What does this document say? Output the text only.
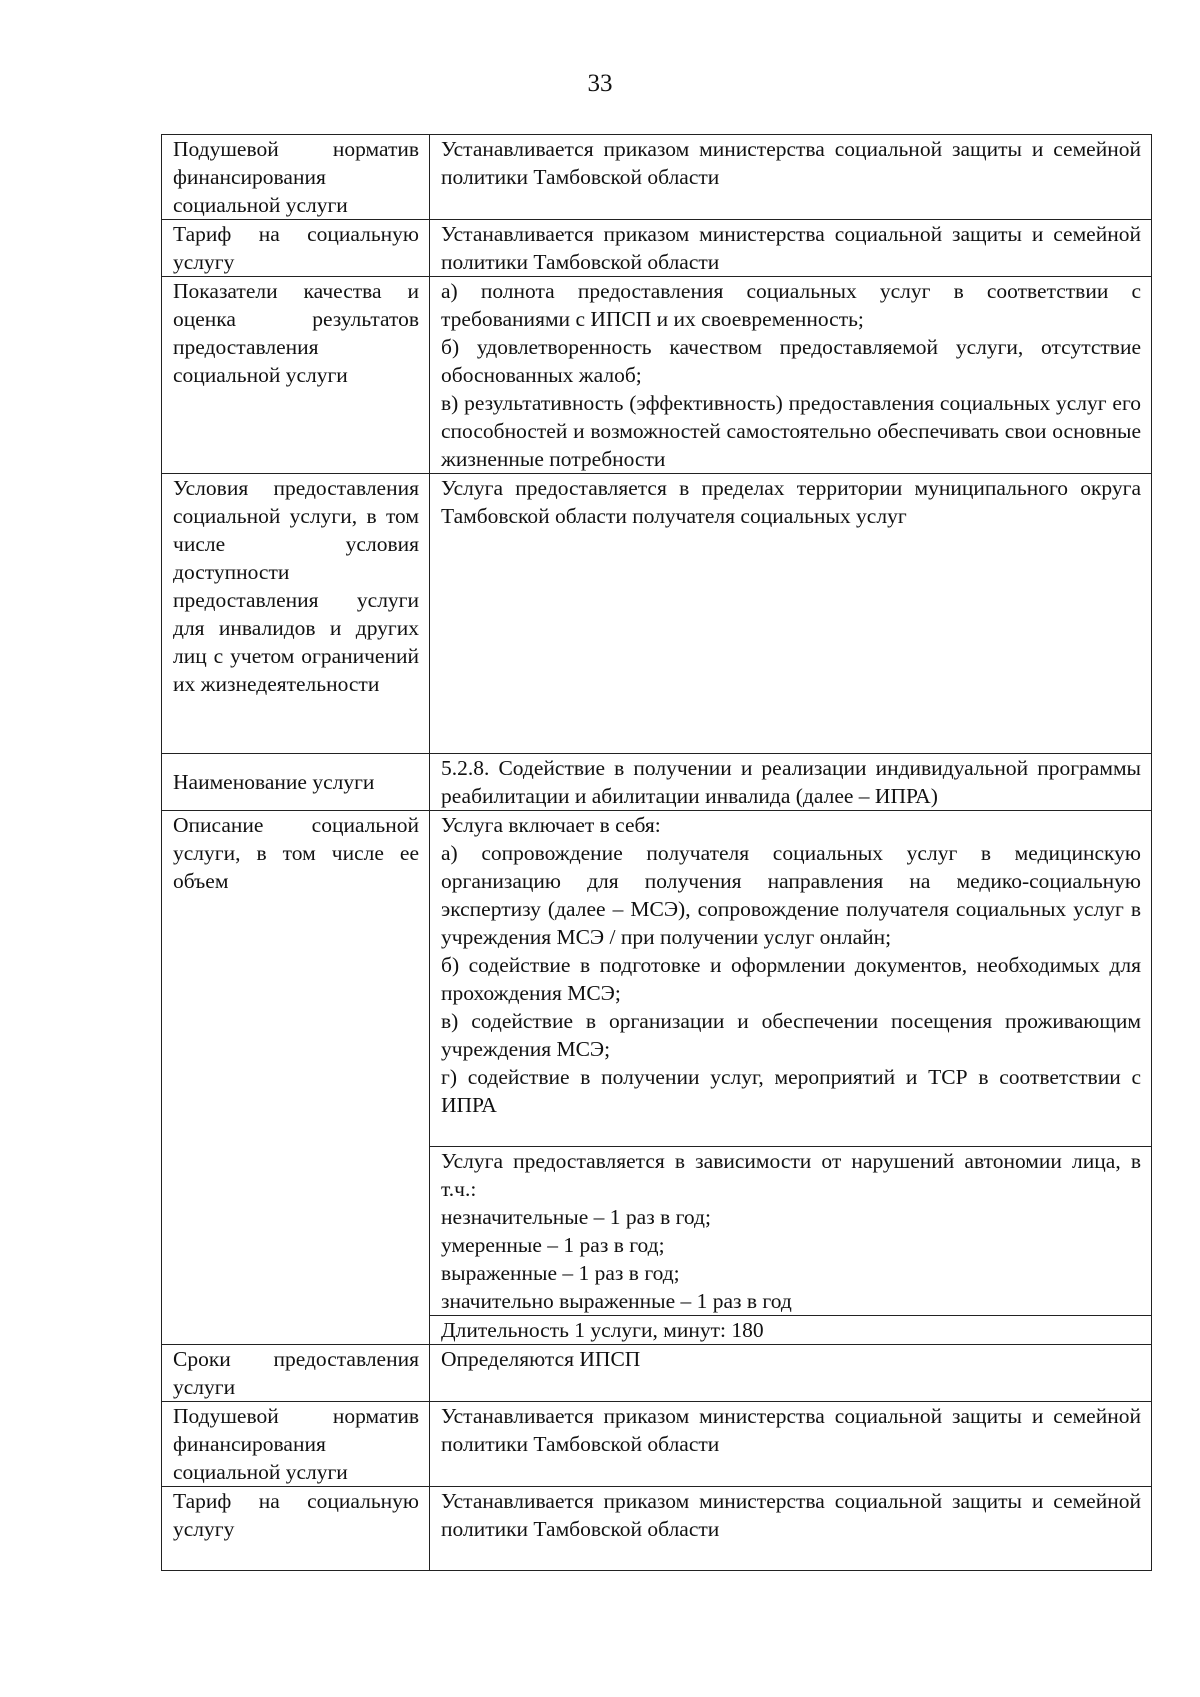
33
Подушевой норматив финансирования социальной услуги	Устанавливается приказом министерства социальной защиты и семейной политики Тамбовской области
Тариф на социальную услугу	Устанавливается приказом министерства социальной защиты и семейной политики Тамбовской области
Показатели качества и оценка результатов предоставления социальной услуги	а) полнота предоставления социальных услуг в соответствии с требованиями с ИПСП и их своевременность;
б) удовлетворенность качеством предоставляемой услуги, отсутствие обоснованных жалоб;
в) результативность (эффективность) предоставления социальных услуг его способностей и возможностей самостоятельно обеспечивать свои основные жизненные потребности

Условия предоставления социальной услуги, в том числе условия доступности предоставления услуги для инвалидов и других лиц с учетом ограничений их жизнедеятельности	Услуга предоставляется в пределах территории муниципального округа Тамбовской области получателя социальных услуг
Наименование услуги	5.2.8. Содействие в получении и реализации индивидуальной программы реабилитации и абилитации инвалида (далее – ИПРА)
Описание социальной услуги, в том числе ее объем	Услуга включает в себя:
а) сопровождение получателя социальных услуг в медицинскую организацию для получения направления на медико-социальную экспертизу (далее – МСЭ), сопровождение получателя социальных услуг в учреждения МСЭ / при получении услуг онлайн;
б) содействие в подготовке и оформлении документов, необходимых для прохождения МСЭ;
в) содействие в организации и обеспечении посещения проживающим учреждения МСЭ;
г) содействие в получении услуг, мероприятий и ТСР в соответствии с ИПРА

	Услуга предоставляется в зависимости от нарушений автономии лица, в т.ч.:
незначительные – 1 раз в год;
умеренные – 1 раз в год;
выраженные – 1 раз в год;
значительно выраженные – 1 раз в год

	Длительность 1 услуги, минут: 180
Сроки предоставления услуги	Определяются ИПСП
Подушевой норматив финансирования социальной услуги	Устанавливается приказом министерства социальной защиты и семейной политики Тамбовской области
Тариф на социальную услугу	Устанавливается приказом министерства социальной защиты и семейной политики Тамбовской области
